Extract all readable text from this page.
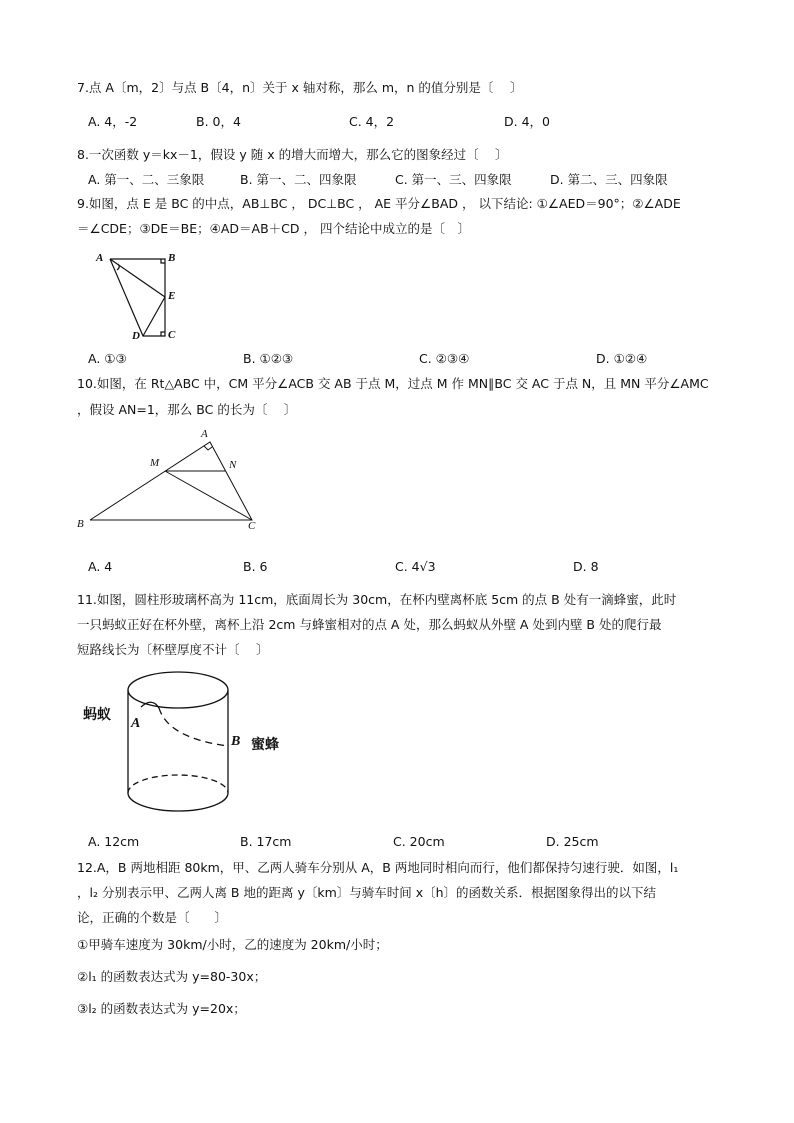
7.点 A〔m，2〕与点 B〔4，n〕关于 x 轴对称，那么 m，n 的值分别是〔　 〕
A. 4，-2	B. 0，4	C. 4，2	D. 4，0
8.一次函数 y＝kx－1，假设 y 随 x 的增大而增大，那么它的图象经过〔　 〕
A. 第一、二、三象限	B. 第一、二、四象限	C. 第一、三、四象限	D. 第二、三、四象限
9.如图，点 E 是 BC 的中点，AB⊥BC ， DC⊥BC ， AE 平分∠BAD ， 以下结论: ①∠AED＝90°；②∠ADE
＝∠CDE；③DE＝BE；④AD＝AB＋CD ， 四个结论中成立的是〔　〕
A	B
E
D	C
A. ①③	B. ①②③	C. ②③④	D. ①②④
10.如图，在 Rt△ABC 中，CM 平分∠ACB 交 AB 于点 M，过点 M 作 MN∥BC 交 AC 于点 N，且 MN 平分∠AMC
，假设 AN=1，那么 BC 的长为〔　 〕
A
M	N
B	C
A. 4	B. 6	C. 4√3	D. 8
11.如图，圆柱形玻璃杯高为 11cm，底面周长为 30cm，在杯内壁离杯底 5cm 的点 B 处有一滴蜂蜜，此时
一只蚂蚁正好在杯外壁，离杯上沿 2cm 与蜂蜜相对的点 A 处，那么蚂蚁从外壁 A 处到内壁 B 处的爬行最
短路线长为〔杯壁厚度不计〔　 〕
蚂蚁
A
B 蜜蜂
A. 12cm	B. 17cm	C. 20cm	D. 25cm
12.A，B 两地相距 80km，甲、乙两人骑车分别从 A，B 两地同时相向而行，他们都保持匀速行驶．如图，l₁
，l₂ 分别表示甲、乙两人离 B 地的距离 y〔km〕与骑车时间 x〔h〕的函数关系．根据图象得出的以下结
论，正确的个数是〔　　〕
①甲骑车速度为 30km/小时，乙的速度为 20km/小时；
②l₁ 的函数表达式为 y=80-30x；
③l₂ 的函数表达式为 y=20x；
